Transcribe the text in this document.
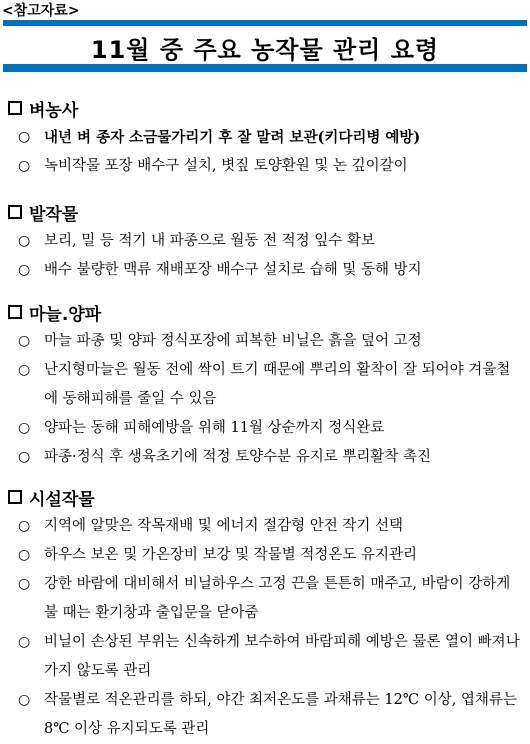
<참고자료>
11월 중 주요 농작물 관리 요령
벼농사
○ 내년 벼 종자 소금물가리기 후 잘 말려 보관(키다리병 예방)
○ 녹비작물 포장 배수구 설치, 볏짚 토양환원 및 논 깊이갈이
밭작물
○ 보리, 밀 등 적기 내 파종으로 월동 전 적정 잎수 확보
○ 배수 불량한 맥류 재배포장 배수구 설치로 습해 및 동해 방지
마늘.양파
○ 마늘 파종 및 양파 정식포장에 피복한 비닐은 흙을 덮어 고정
○ 난지형마늘은 월동 전에 싹이 트기 때문에 뿌리의 활착이 잘 되어야 겨울철에 동해피해를 줄일 수 있음
○ 양파는 동해 피해예방을 위해 11월 상순까지 정식완료
○ 파종·정식 후 생육초기에 적정 토양수분 유지로 뿌리활착 촉진
시설작물
○ 지역에 알맞은 작목재배 및 에너지 절감형 안전 작기 선택
○ 하우스 보온 및 가온장비 보강 및 작물별 적정온도 유지관리
○ 강한 바람에 대비해서 비닐하우스 고정 끈을 튼튼히 매주고, 바람이 강하게 불 때는 환기창과 출입문을 닫아줌
○ 비닐이 손상된 부위는 신속하게 보수하여 바람피해 예방은 물론 열이 빠져나가지 않도록 관리
○ 작물별로 적온관리를 하되, 야간 최저온도를 과채류는 12℃ 이상, 엽채류는 8℃ 이상 유지되도록 관리
